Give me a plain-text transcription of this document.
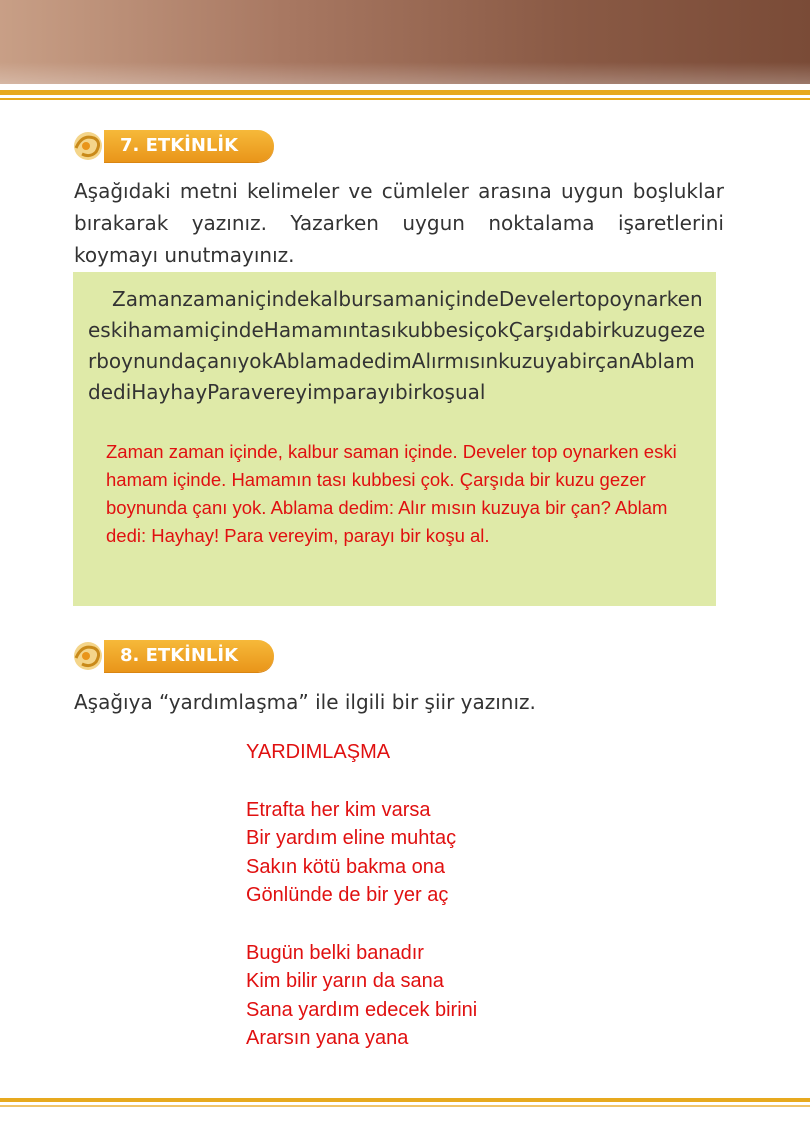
7. ETKİNLİK
Aşağıdaki metni kelimeler ve cümleler arasına uygun boşluklar bırakarak yazınız. Yazarken uygun noktalama işaretlerini koymayı unutmayınız.
ZamanzamaniçindekalbursamaniçindeDevelertopoynarkeneskihamamiçindeHamamıntasıkubbesiçokÇarşıdabirkuzugezerboynundaçanıyokAblamadedimAlırmısınkuzuyabirçanAblamdediHayhayParavereyimparayıbirkoşual
Zaman zaman içinde, kalbur saman içinde. Develer top oynarken eski hamam içinde. Hamamın tası kubbesi çok. Çarşıda bir kuzu gezer boynunda çanı yok. Ablama dedim: Alır mısın kuzuya bir çan? Ablam dedi: Hayhay! Para vereyim, parayı bir koşu al.
8. ETKİNLİK
Aşağıya “yardımlaşma” ile ilgili bir şiir yazınız.
YARDIMLAŞMA
Etrafta her kim varsa
Bir yardım eline muhtaç
Sakın kötü bakma ona
Gönlünde de bir yer aç
Bugün belki banadır
Kim bilir yarın da sana
Sana yardım edecek birini
Ararsın yana yana
